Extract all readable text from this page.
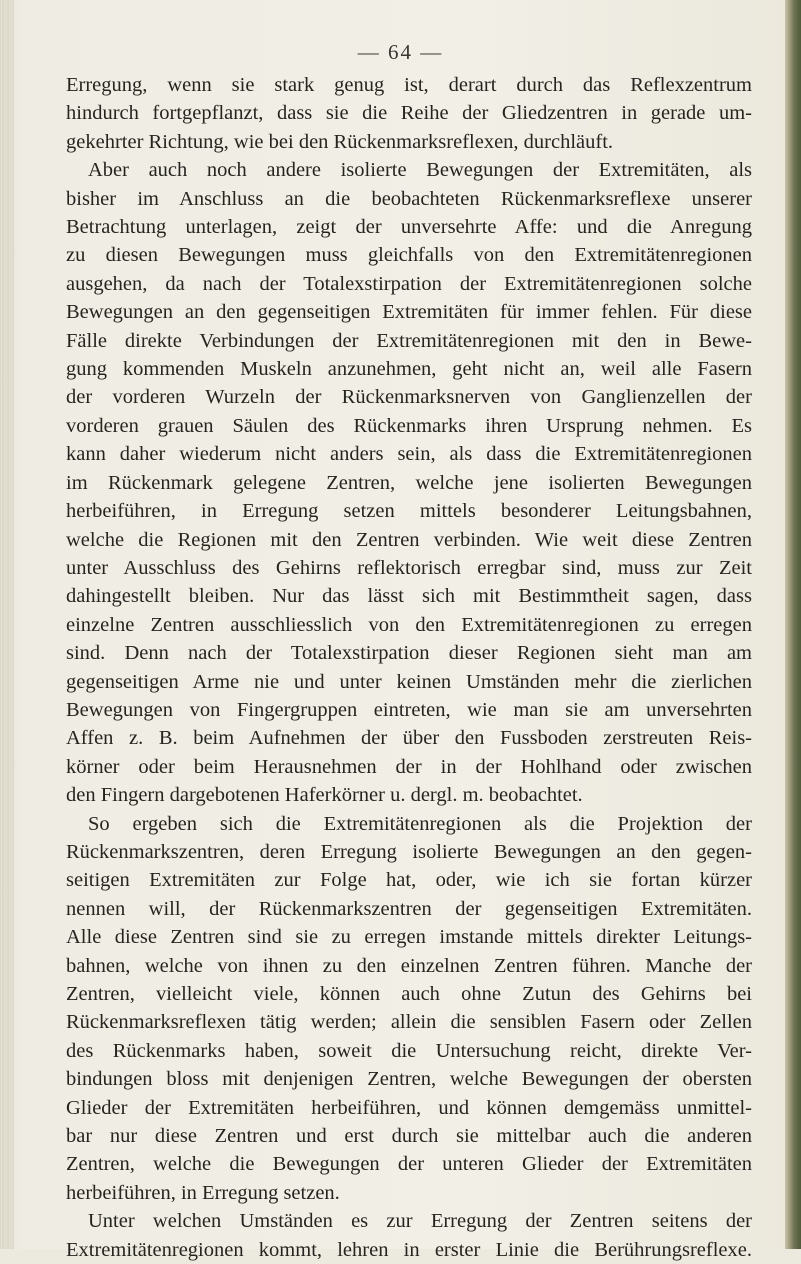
— 64 —
Erregung, wenn sie stark genug ist, derart durch das Reflexzentrum
hindurch fortgepflanzt, dass sie die Reihe der Gliedzentren in gerade um-
gekehrter Richtung, wie bei den Rückenmarksreflexen, durchläuft.
Aber auch noch andere isolierte Bewegungen der Extremitäten, als
bisher im Anschluss an die beobachteten Rückenmarksreflexe unserer
Betrachtung unterlagen, zeigt der unversehrte Affe: und die Anregung
zu diesen Bewegungen muss gleichfalls von den Extremitätenregionen
ausgehen, da nach der Totalexstirpation der Extremitätenregionen solche
Bewegungen an den gegenseitigen Extremitäten für immer fehlen. Für diese
Fälle direkte Verbindungen der Extremitätenregionen mit den in Bewe-
gung kommenden Muskeln anzunehmen, geht nicht an, weil alle Fasern
der vorderen Wurzeln der Rückenmarksnerven von Ganglienzellen der
vorderen grauen Säulen des Rückenmarks ihren Ursprung nehmen. Es
kann daher wiederum nicht anders sein, als dass die Extremitätenregionen
im Rückenmark gelegene Zentren, welche jene isolierten Bewegungen
herbeiführen, in Erregung setzen mittels besonderer Leitungsbahnen,
welche die Regionen mit den Zentren verbinden. Wie weit diese Zentren
unter Ausschluss des Gehirns reflektorisch erregbar sind, muss zur Zeit
dahingestellt bleiben. Nur das lässt sich mit Bestimmtheit sagen, dass
einzelne Zentren ausschliesslich von den Extremitätenregionen zu erregen
sind. Denn nach der Totalexstirpation dieser Regionen sieht man am
gegenseitigen Arme nie und unter keinen Umständen mehr die zierlichen
Bewegungen von Fingergruppen eintreten, wie man sie am unversehrten
Affen z. B. beim Aufnehmen der über den Fussboden zerstreuten Reis-
körner oder beim Herausnehmen der in der Hohlhand oder zwischen
den Fingern dargebotenen Haferkörner u. dergl. m. beobachtet.
So ergeben sich die Extremitätenregionen als die Projektion der
Rückenmarkszentren, deren Erregung isolierte Bewegungen an den gegen-
seitigen Extremitäten zur Folge hat, oder, wie ich sie fortan kürzer
nennen will, der Rückenmarkszentren der gegenseitigen Extremitäten.
Alle diese Zentren sind sie zu erregen imstande mittels direkter Leitungs-
bahnen, welche von ihnen zu den einzelnen Zentren führen. Manche der
Zentren, vielleicht viele, können auch ohne Zutun des Gehirns bei
Rückenmarksreflexen tätig werden; allein die sensiblen Fasern oder Zellen
des Rückenmarks haben, soweit die Untersuchung reicht, direkte Ver-
bindungen bloss mit denjenigen Zentren, welche Bewegungen der obersten
Glieder der Extremitäten herbeiführen, und können demgemäss unmittel-
bar nur diese Zentren und erst durch sie mittelbar auch die anderen
Zentren, welche die Bewegungen der unteren Glieder der Extremitäten
herbeiführen, in Erregung setzen.
Unter welchen Umständen es zur Erregung der Zentren seitens der
Extremitätenregionen kommt, lehren in erster Linie die Berührungsreflexe.
